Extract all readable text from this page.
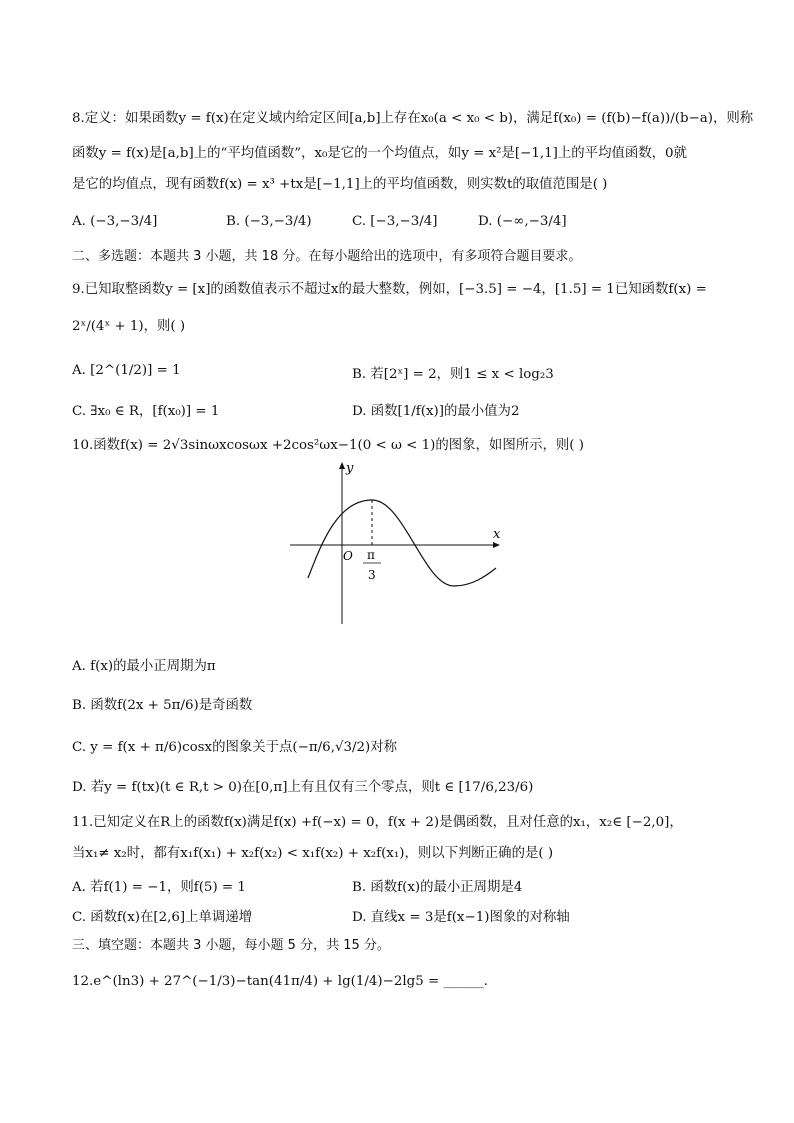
8.定义：如果函数y = f(x)在定义域内给定区间[a,b]上存在x₀(a < x₀ < b)，满足f(x₀) = (f(b)−f(a))/(b−a)，则称
函数y = f(x)是[a,b]上的“平均值函数”，x₀是它的一个均值点，如y = x²是[−1,1]上的平均值函数，0就
是它的均值点，现有函数f(x) = x³ +tx是[−1,1]上的平均值函数，则实数t的取值范围是( )
A. (−3,−3/4]	B. (−3,−3/4)	C. [−3,−3/4]	D. (−∞,−3/4]
二、多选题：本题共 3 小题，共 18 分。在每小题给出的选项中，有多项符合题目要求。
9.已知取整函数y = [x]的函数值表示不超过x的最大整数，例如，[−3.5] = −4，[1.5] = 1已知函数f(x) =
2ˣ/(4ˣ + 1)，则( )
A. [2^(1/2)] = 1	B. 若[2ˣ] = 2，则1 ≤ x < log₂3
C. ∃x₀ ∈ R，[f(x₀)] = 1	D. 函数[1/f(x)]的最小值为2
10.函数f(x) = 2√3sinωxcosωx +2cos²ωx−1(0 < ω < 1)的图象，如图所示，则( )
y
x
O π
3
A. f(x)的最小正周期为π
B. 函数f(2x + 5π/6)是奇函数
C. y = f(x + π/6)cosx的图象关于点(−π/6,√3/2)对称
D. 若y = f(tx)(t ∈ R,t > 0)在[0,π]上有且仅有三个零点，则t ∈ [17/6,23/6)
11.已知定义在R上的函数f(x)满足f(x) +f(−x) = 0，f(x + 2)是偶函数，且对任意的x₁，x₂∈ [−2,0]，
当x₁≠ x₂时，都有x₁f(x₁) + x₂f(x₂) < x₁f(x₂) + x₂f(x₁)，则以下判断正确的是( )
A. 若f(1) = −1，则f(5) = 1	B. 函数f(x)的最小正周期是4
C. 函数f(x)在[2,6]上单调递增	D. 直线x = 3是f(x−1)图象的对称轴
三、填空题：本题共 3 小题，每小题 5 分，共 15 分。
12.e^(ln3) + 27^(−1/3)−tan(41π/4) + lg(1/4)−2lg5 = ______.
